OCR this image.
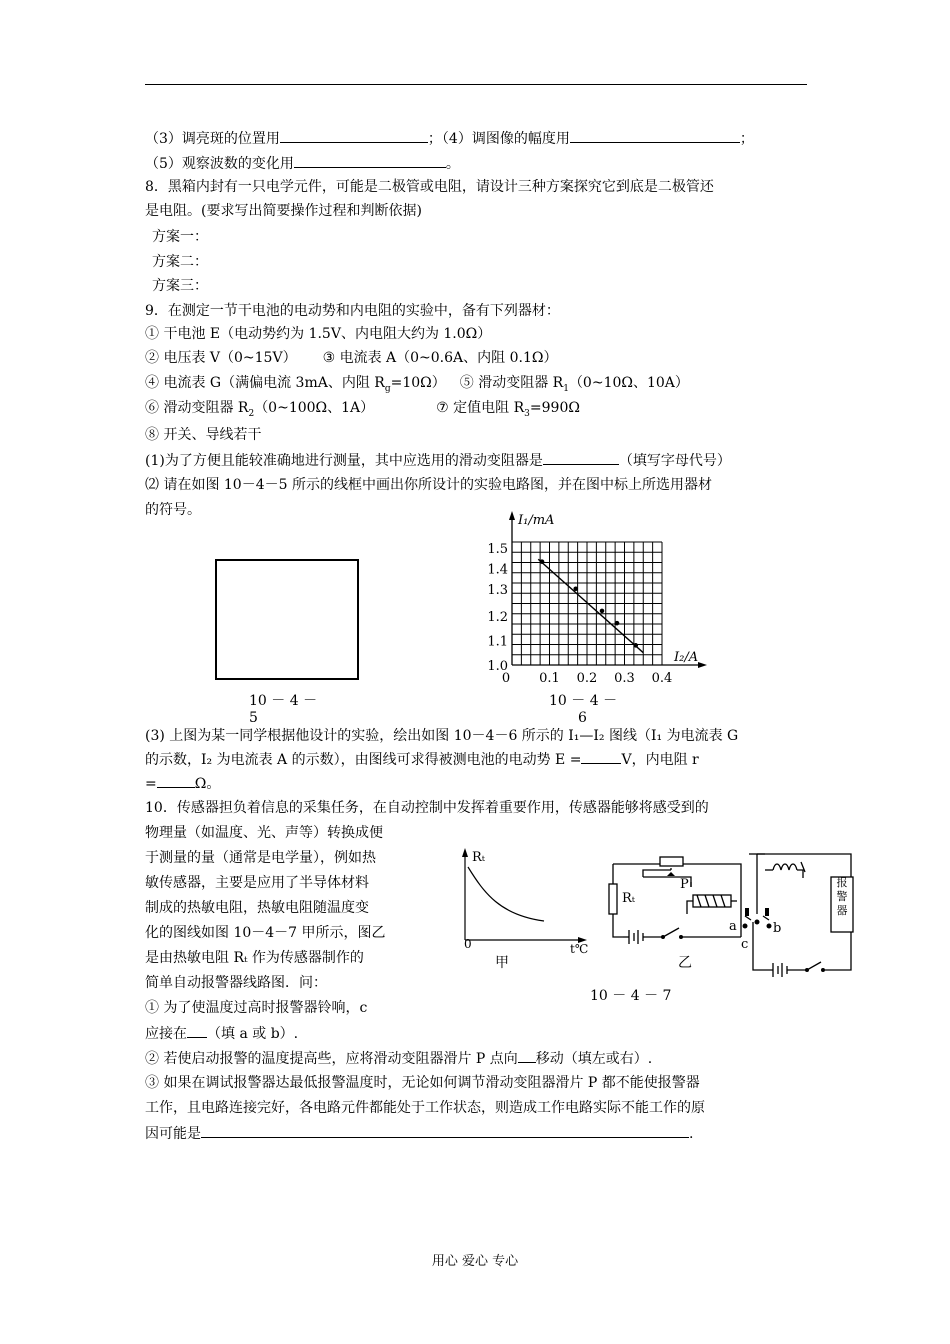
（3）调亮斑的位置用	；（4）调图像的幅度用	；
（5）观察波数的变化用	。
8．黑箱内封有一只电学元件，可能是二极管或电阻，请设计三种方案探究它到底是二极管还
是电阻。(要求写出简要操作过程和判断依据)
方案一：
方案二：
方案三：
9．在测定一节干电池的电动势和内电阻的实验中，备有下列器材：
① 干电池 E（电动势约为 1.5V、内电阻大约为 1.0Ω）
② 电压表 V（0~15V） ③ 电流表 A（0~0.6A、内阻 0.1Ω）
④ 电流表 G（满偏电流 3mA、内阻 $R_g=10\Omega$） ⑤ 滑动变阻器 $R_1(0\sim 10\Omega$、10A）
⑥ 滑动变阻器 $R_2(0\sim 100\Omega$、1A）	⑦ 定值电阻 $R_3=990\Omega$
⑧ 开关、导线若干
(1)为了方便且能较准确地进行测量，其中应选用的滑动变阻器是	（填写字母代号）
⑵ 请在如图 10－4－5 所示的线框中画出你所设计的实验电路图，并在图中标上所选用器材
的符号。
10 － 4 －
5
1.0
1.1
1.2
1.3
1.4
1.5
0 0.1 0.2 0.3 0.4
I₁/mA
I₂/A
10 － 4 －
6
(3) 上图为某一同学根据他设计的实验，绘出如图 10－4－6 所示的 I₁—I₂ 图线（I₁ 为电流表 G
的示数，I₂ 为电流表 A 的示数），由图线可求得被测电池的电动势 E =	V，内电阻 r
=	Ω。
10．传感器担负着信息的采集任务，在自动控制中发挥着重要作用，传感器能够将感受到的
物理量（如温度、光、声等）转换成便
于测量的量（通常是电学量），例如热
敏传感器，主要是应用了半导体材料
制成的热敏电阻，热敏电阻随温度变
化的图线如图 10－4－7 甲所示，图乙
是由热敏电阻 Rₜ 作为传感器制作的
简单自动报警器线路图．问：
① 为了使温度过高时报警器铃响，c
应接在 （填 a 或 b）.
② 若使启动报警的温度提高些，应将滑动变阻器滑片 P 点向 移动（填左或右）.
③ 如果在调试报警器达最低报警温度时，无论如何调节滑动变阻器滑片 P 都不能使报警器
工作，且电路连接完好，各电路元件都能处于工作状态，则造成工作电路实际不能工作的原
因可能是	.
Rₜ
0	t℃
甲
P
Rₜ
a	b
c
报警器
乙
10 － 4 － 7
用心 爱心 专心
